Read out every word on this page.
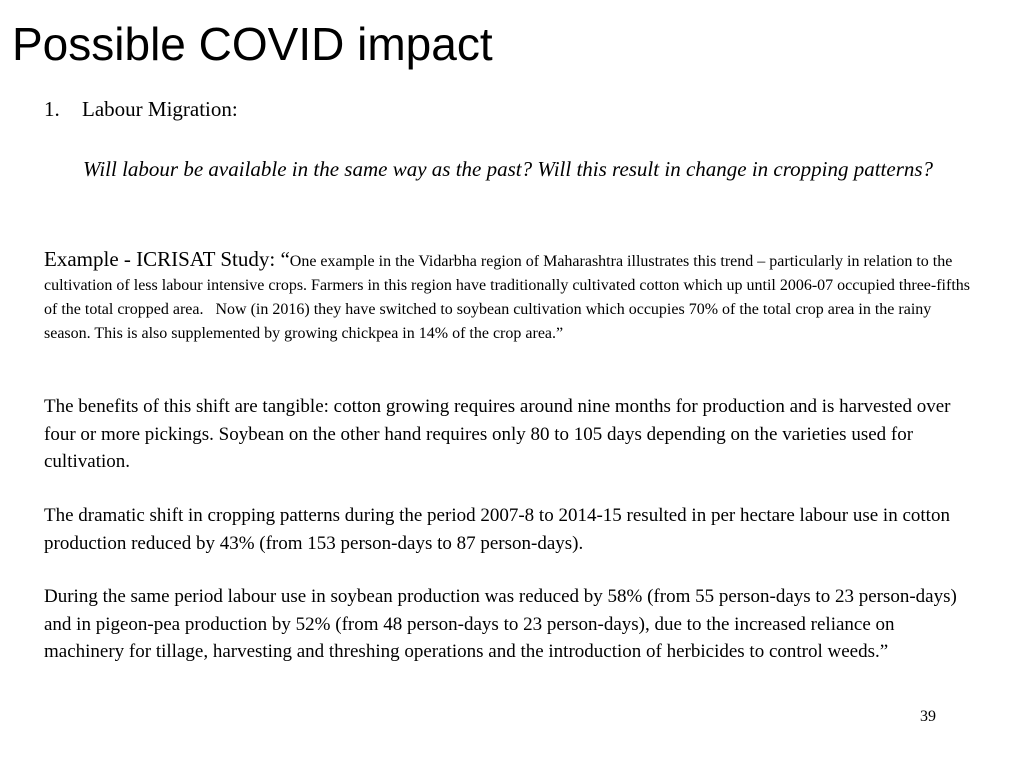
Possible COVID impact
1. Labour Migration:
Will labour be available in the same way as the past? Will this result in change in cropping patterns?
Example - ICRISAT Study: “One example in the Vidarbha region of Maharashtra illustrates this trend – particularly in relation to the cultivation of less labour intensive crops. Farmers in this region have traditionally cultivated cotton which up until 2006-07 occupied three-fifths of the total cropped area.   Now (in 2016) they have switched to soybean cultivation which occupies 70% of the total crop area in the rainy season. This is also supplemented by growing chickpea in 14% of the crop area.”
The benefits of this shift are tangible: cotton growing requires around nine months for production and is harvested over four or more pickings. Soybean on the other hand requires only 80 to 105 days depending on the varieties used for cultivation.
The dramatic shift in cropping patterns during the period 2007-8 to 2014-15 resulted in per hectare labour use in cotton production reduced by 43% (from 153 person-days to 87 person-days).
During the same period labour use in soybean production was reduced by 58% (from 55 person-days to 23 person-days) and in pigeon-pea production by 52% (from 48 person-days to 23 person-days), due to the increased reliance on machinery for tillage, harvesting and threshing operations and the introduction of herbicides to control weeds.”
39
